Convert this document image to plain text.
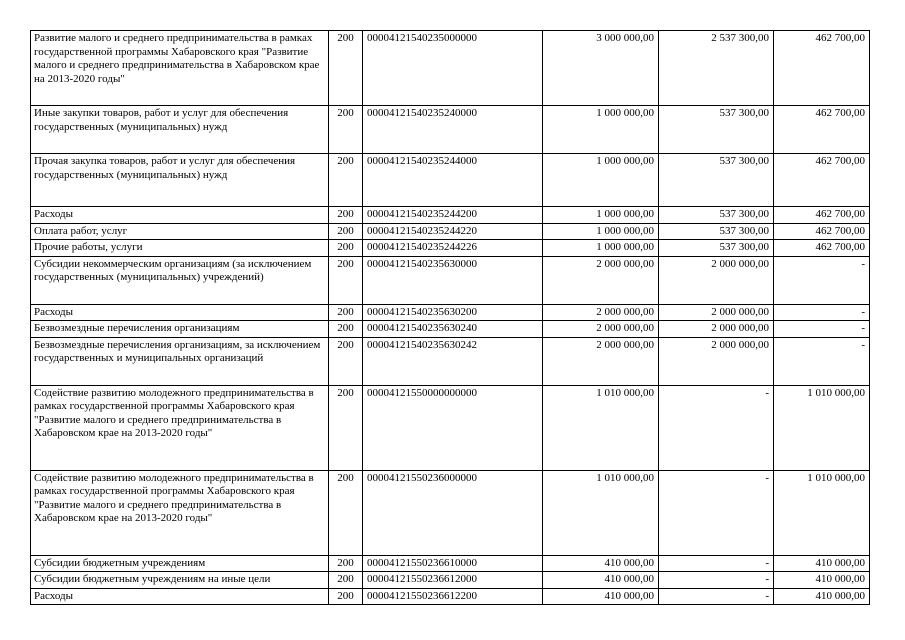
Развитие малого и среднего предпринимательства в рамках государственной программы Хабаровского края "Развитие малого и среднего предпринимательства в Хабаровском крае на 2013-2020 годы"	200	00004121540235000000	3 000 000,00	2 537 300,00	462 700,00
Иные закупки товаров, работ и услуг для обеспечения государственных (муниципальных) нужд	200	00004121540235240000	1 000 000,00	537 300,00	462 700,00
Прочая закупка товаров, работ и услуг для обеспечения государственных (муниципальных) нужд	200	00004121540235244000	1 000 000,00	537 300,00	462 700,00
Расходы	200	00004121540235244200	1 000 000,00	537 300,00	462 700,00
Оплата работ, услуг	200	00004121540235244220	1 000 000,00	537 300,00	462 700,00
Прочие работы, услуги	200	00004121540235244226	1 000 000,00	537 300,00	462 700,00
Субсидии некоммерческим организациям (за исключением государственных (муниципальных) учреждений)	200	00004121540235630000	2 000 000,00	2 000 000,00	-
Расходы	200	00004121540235630200	2 000 000,00	2 000 000,00	-
Безвозмездные перечисления организациям	200	00004121540235630240	2 000 000,00	2 000 000,00	-
Безвозмездные перечисления организациям, за исключением государственных и муниципальных организаций	200	00004121540235630242	2 000 000,00	2 000 000,00	-
Содействие развитию молодежного предпринимательства в рамках государственной программы Хабаровского края "Развитие малого и среднего предпринимательства в Хабаровском крае на 2013-2020 годы"	200	00004121550000000000	1 010 000,00	-	1 010 000,00
Содействие развитию молодежного предпринимательства в рамках государственной программы Хабаровского края "Развитие малого и среднего предпринимательства в Хабаровском крае на 2013-2020 годы"	200	00004121550236000000	1 010 000,00	-	1 010 000,00
Субсидии бюджетным учреждениям	200	00004121550236610000	410 000,00	-	410 000,00
Субсидии бюджетным учреждениям на иные цели	200	00004121550236612000	410 000,00	-	410 000,00
Расходы	200	00004121550236612200	410 000,00	-	410 000,00
